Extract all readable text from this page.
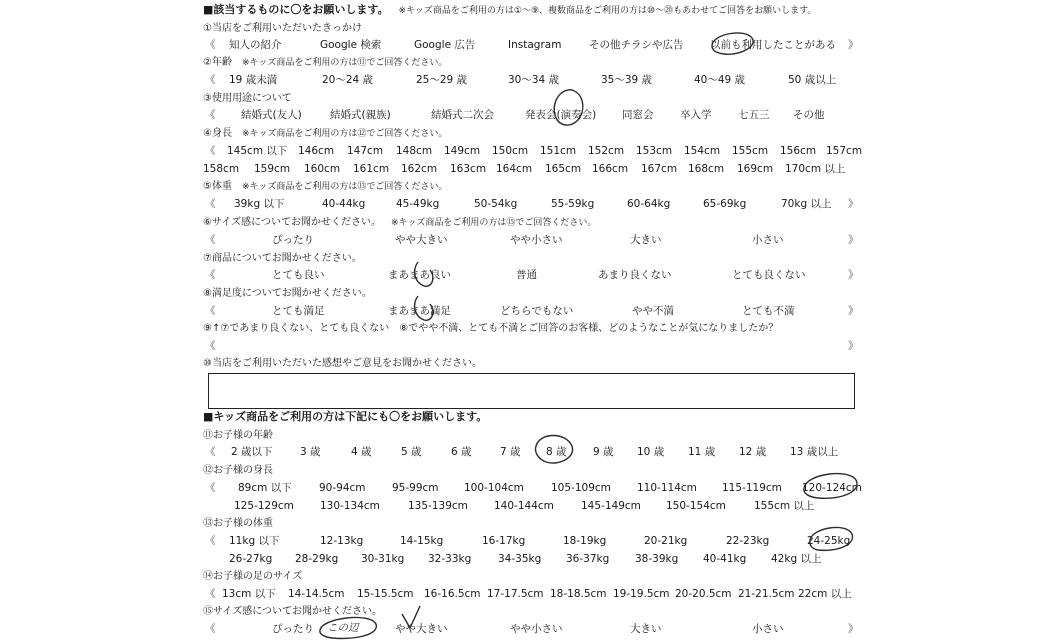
■該当するものに〇をお願いします。 ※キッズ商品をご利用の方は①～⑨、複数商品をご利用の方は⑩～⑳もあわせてご回答をお願いします。
①当店をご利用いただいたきっかけ
《 知人の紹介	Google 検索	Google 広告	Instagram	その他チラシや広告	以前も利用したことがある 》
②年齢 ※キッズ商品をご利用の方は⑪でご回答ください。
《 19 歳未満	20～24 歳	25～29 歳	30～34 歳	35～39 歳	40～49 歳	50 歳以上
③使用用途について
《 結婚式(友人)	結婚式(親族)	結婚式二次会	発表会(演奏会) 同窓会	卒入学	七五三 その他
④身長 ※キッズ商品をご利用の方は⑫でご回答ください。
《 145cm 以下 146cm 147cm 148cm 149cm 150cm 151cm 152cm 153cm 154cm 155cm 156cm 157cm
158cm 159cm 160cm 161cm 162cm 163cm 164cm 165cm 166cm 167cm 168cm 169cm 170cm 以上
⑤体重 ※キッズ商品をご利用の方は⑬でご回答ください。
《 39kg 以下	40-44kg	45-49kg	50-54kg	55-59kg	60-64kg	65-69kg	70kg 以上 》
⑥サイズ感についてお聞かせください。 ※キッズ商品をご利用の方は⑮でご回答ください。
《	ぴったり	やや大きい	やや小さい	大きい	小さい	》
⑦商品についてお聞かせください。
《	とても良い	まあまあ良い	普通	あまり良くない	とても良くない	》
⑧満足度についてお聞かせください。
《	とても満足	まあまあ満足	どちらでもない	やや不満	とても不満	》
⑨↑⑦であまり良くない、とても良くない　⑧でやや不満、とても不満とご回答のお客様、どのようなことが気になりましたか？
《	》
⑩当店をご利用いただいた感想やご意見をお聞かせください。
■キッズ商品をご利用の方は下記にも〇をお願いします。
⑪お子様の年齢
《 2 歳以下	3 歳	4 歳	5 歳	6 歳	7 歳 8 歳	9 歳 10 歳 11 歳 12 歳 13 歳以上
⑫お子様の身長
《 89cm 以下	90-94cm	95-99cm 100-104cm	105-109cm 110-114cm 115-119cm 120-124cm
125-129cm 130-134cm	135-139cm 140-144cm	145-149cm 150-154cm	155cm 以上
⑬お子様の体重
《 11kg 以下	12-13kg	14-15kg	16-17kg	18-19kg	20-21kg	22-23kg	24-25kg
26-27kg 28-29kg 30-31kg 32-33kg	34-35kg 36-37kg 38-39kg 40-41kg 42kg 以上
⑭お子様の足のサイズ
《 13cm 以下 14-14.5cm 15-15.5cm 16-16.5cm 17-17.5cm 18-18.5cm 19-19.5cm 20-20.5cm 21-21.5cm 22cm 以上
⑮サイズ感についてお聞かせください。
《	ぴったり	やや大きい	やや小さい	大きい	小さい	》
この辺
